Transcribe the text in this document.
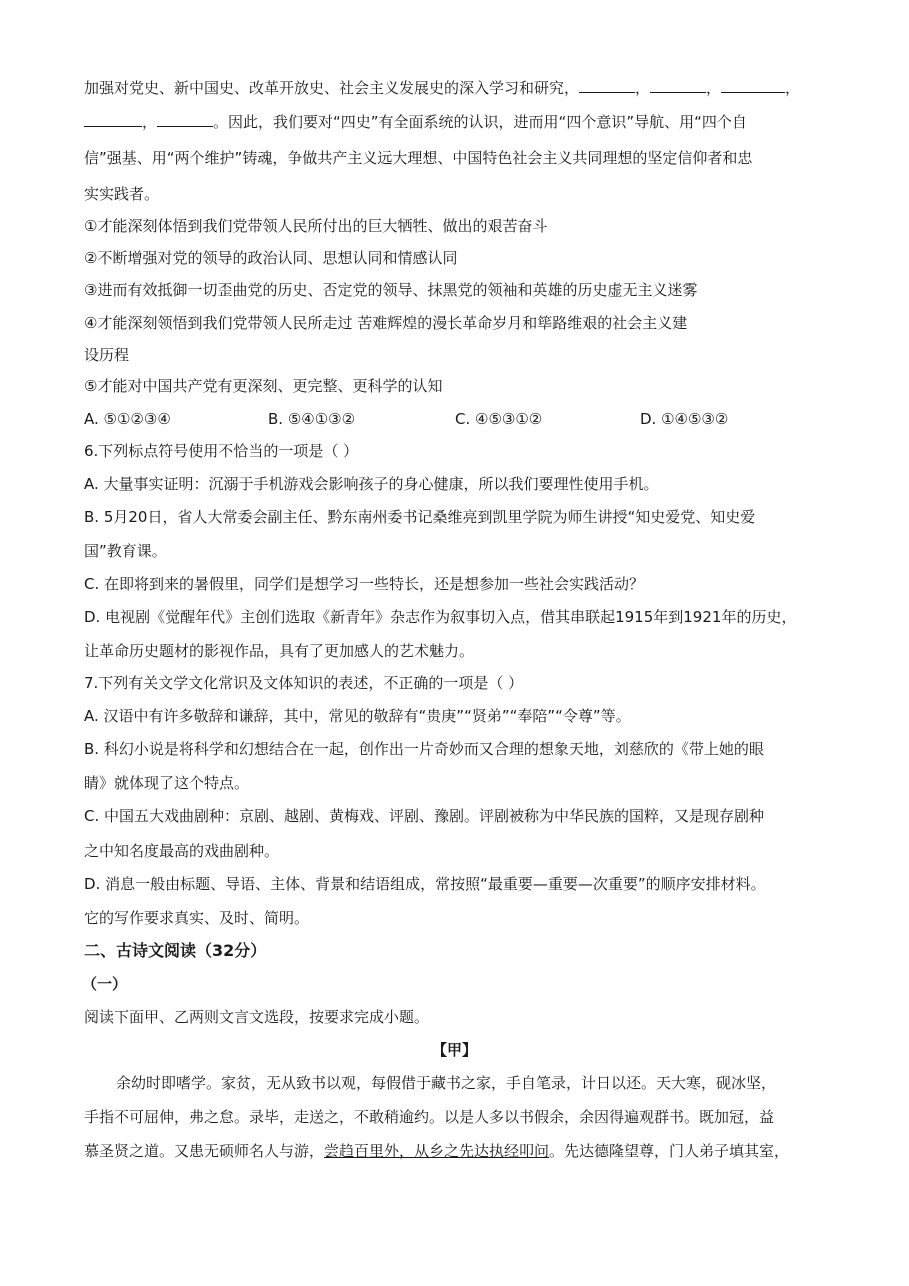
加强对党史、新中国史、改革开放史、社会主义发展史的深入学习和研究，	，	，	，
，	。因此，我们要对“四史”有全面系统的认识，进而用“四个意识”导航、用“四个自
信”强基、用“两个维护”铸魂，争做共产主义远大理想、中国特色社会主义共同理想的坚定信仰者和忠
实实践者。
①才能深刻体悟到我们党带领人民所付出的巨大牺牲、做出的艰苦奋斗
②不断增强对党的领导的政治认同、思想认同和情感认同
③进而有效抵御一切歪曲党的历史、否定党的领导、抹黑党的领袖和英雄的历史虚无主义迷雾
④才能深刻领悟到我们党带领人民所走过 苦难辉煌的漫长革命岁月和筚路维艰的社会主义建
设历程
⑤才能对中国共产党有更深刻、更完整、更科学的认知
A. ⑤①②③④	B. ⑤④①③②	C. ④⑤③①②	D. ①④⑤③②
6.下列标点符号使用不恰当的一项是（ ）
A. 大量事实证明：沉溺于手机游戏会影响孩子的身心健康，所以我们要理性使用手机。
B. 5月20日，省人大常委会副主任、黔东南州委书记桑维亮到凯里学院为师生讲授“知史爱党、知史爱
国”教育课。
C. 在即将到来的暑假里，同学们是想学习一些特长，还是想参加一些社会实践活动？
D. 电视剧《觉醒年代》主创们选取《新青年》杂志作为叙事切入点，借其串联起1915年到1921年的历史，
让革命历史题材的影视作品，具有了更加感人的艺术魅力。
7.下列有关文学文化常识及文体知识的表述，不正确的一项是（ ）
A. 汉语中有许多敬辞和谦辞，其中，常见的敬辞有“贵庚”“贤弟”“奉陪”“令尊”等。
B. 科幻小说是将科学和幻想结合在一起，创作出一片奇妙而又合理的想象天地，刘慈欣的《带上她的眼
睛》就体现了这个特点。
C. 中国五大戏曲剧种：京剧、越剧、黄梅戏、评剧、豫剧。评剧被称为中华民族的国粹，又是现存剧种
之中知名度最高的戏曲剧种。
D. 消息一般由标题、导语、主体、背景和结语组成，常按照“最重要—重要—次重要”的顺序安排材料。
它的写作要求真实、及时、简明。
二、古诗文阅读（32分）
（一）
阅读下面甲、乙两则文言文选段，按要求完成小题。
【甲】
余幼时即嗜学。家贫，无从致书以观，每假借于藏书之家，手自笔录，计日以还。天大寒，砚冰坚，
手指不可屈伸，弗之怠。录毕，走送之，不敢稍逾约。以是人多以书假余，余因得遍观群书。既加冠，益
慕圣贤之道。又患无硕师名人与游，尝趋百里外，从乡之先达执经叩问。先达德隆望尊，门人弟子填其室，
